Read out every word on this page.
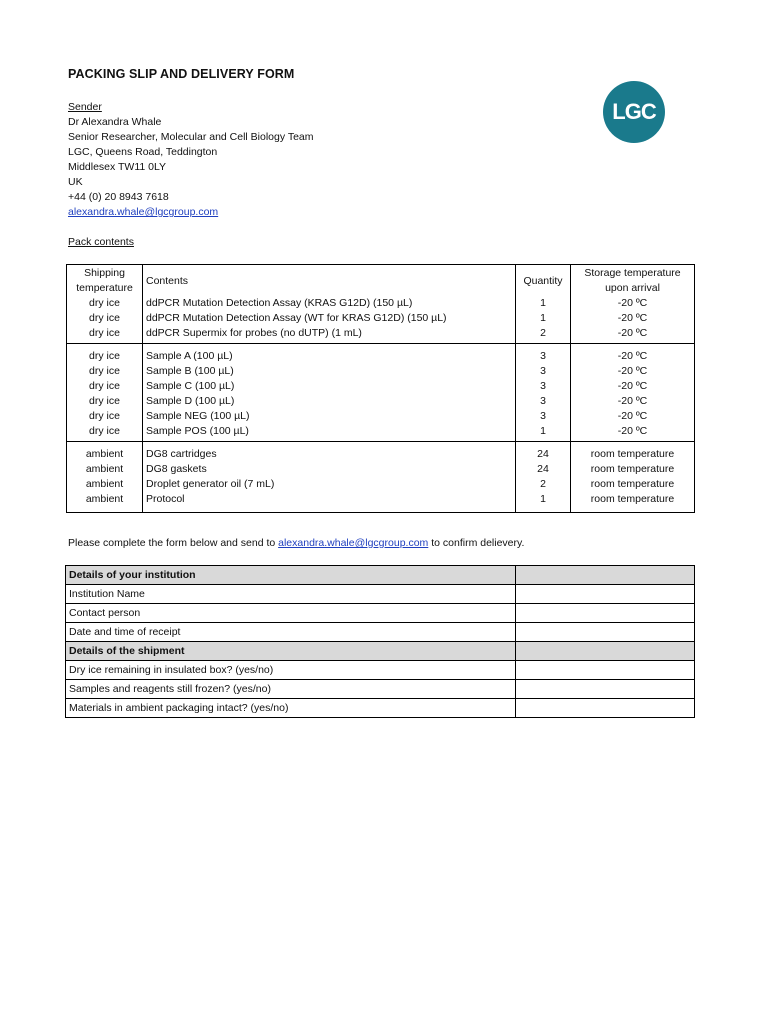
PACKING SLIP AND DELIVERY FORM
LGC
Sender
Dr Alexandra Whale
Senior Researcher, Molecular and Cell Biology Team
LGC, Queens Road, Teddington
Middlesex TW11 0LY
UK
+44 (0) 20 8943 7618
alexandra.whale@lgcgroup.com
Pack contents
Shipping temperature	Contents	Quantity	Storage temperature upon arrival
dry ice	ddPCR Mutation Detection Assay (KRAS G12D) (150 µL)	1	-20 ºC
dry ice	ddPCR Mutation Detection Assay (WT for KRAS G12D) (150 µL)	1	-20 ºC
dry ice	ddPCR Supermix for probes (no dUTP) (1 mL)	2	-20 ºC
dry ice	Sample A (100 µL)	3	-20 ºC
dry ice	Sample B (100 µL)	3	-20 ºC
dry ice	Sample C (100 µL)	3	-20 ºC
dry ice	Sample D (100 µL)	3	-20 ºC
dry ice	Sample NEG (100 µL)	3	-20 ºC
dry ice	Sample POS (100 µL)	1	-20 ºC
ambient	DG8 cartridges	24	room temperature
ambient	DG8 gaskets	24	room temperature
ambient	Droplet generator oil (7 mL)	2	room temperature
ambient	Protocol	1	room temperature
Please complete the form below and send to alexandra.whale@lgcgroup.com to confirm delievery.
Details of your institution	
Institution Name	
Contact person	
Date and time of receipt	
Details of the shipment	
Dry ice remaining in insulated box? (yes/no)	
Samples and reagents still frozen? (yes/no)	
Materials in ambient packaging intact? (yes/no)	
